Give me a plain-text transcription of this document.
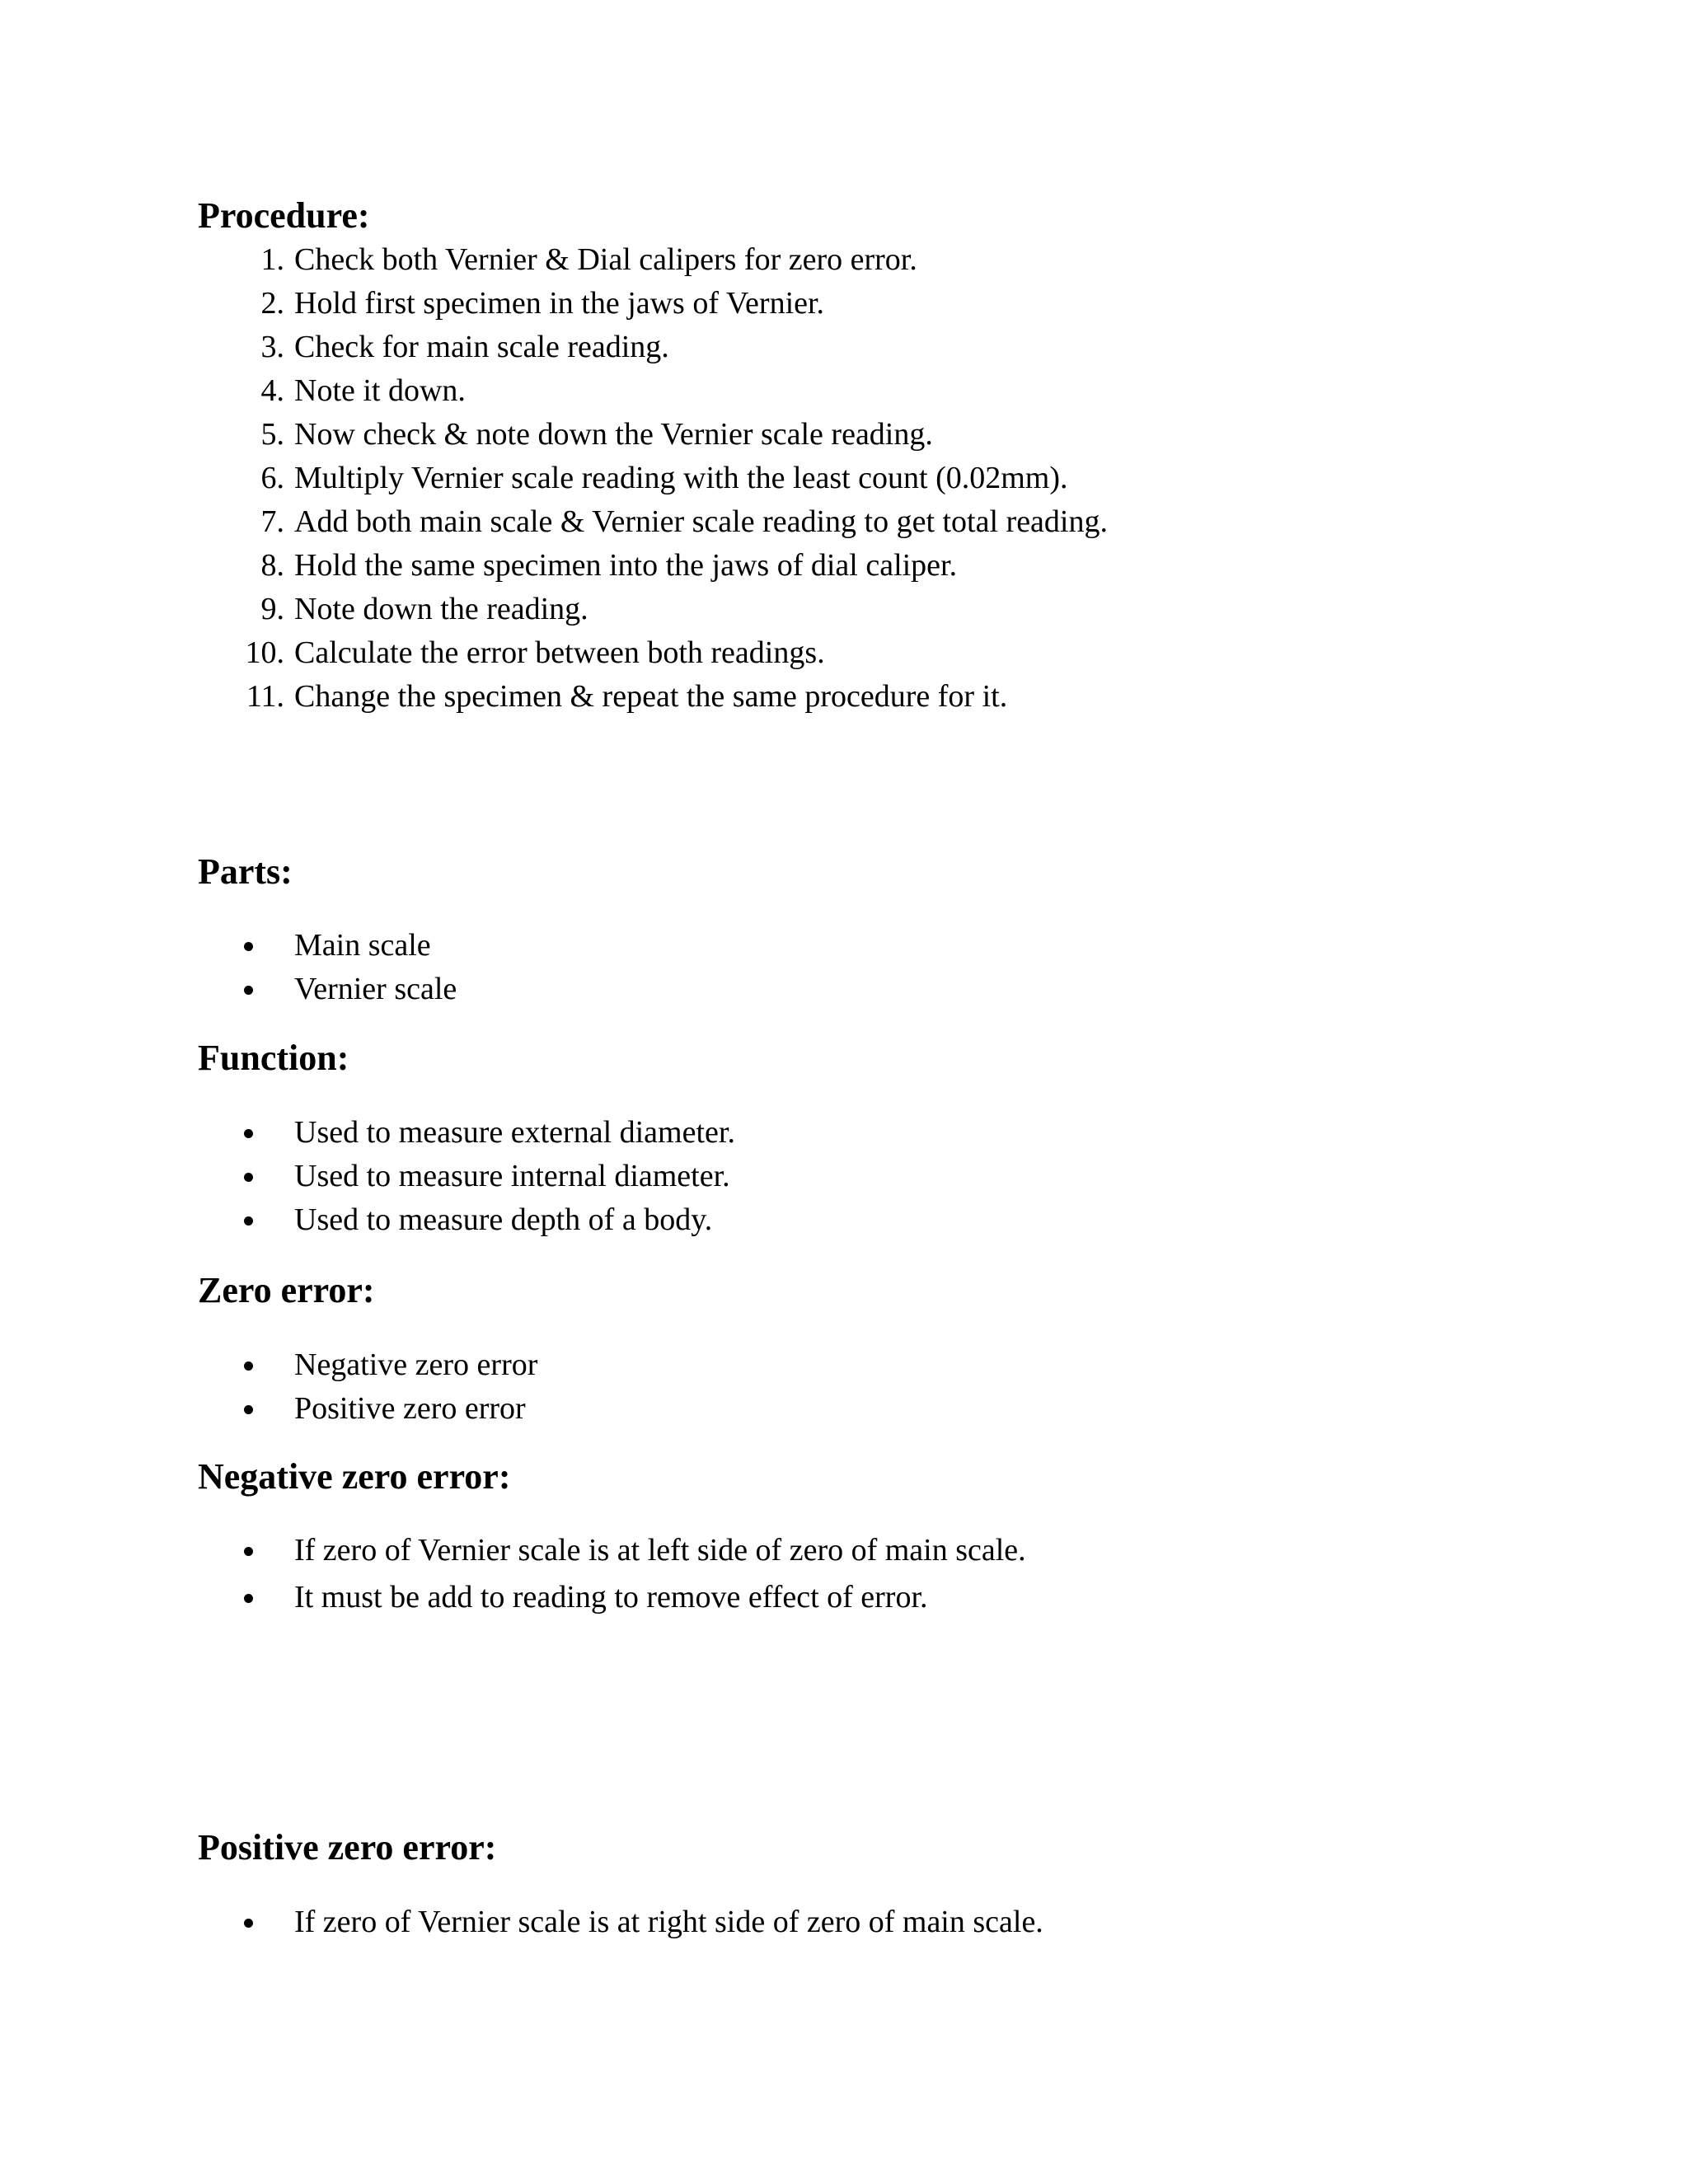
Procedure:
1. Check both Vernier & Dial calipers for zero error.
2. Hold first specimen in the jaws of Vernier.
3. Check for main scale reading.
4. Note it down.
5. Now check & note down the Vernier scale reading.
6. Multiply Vernier scale reading with the least count (0.02mm).
7. Add both main scale & Vernier scale reading to get total reading.
8. Hold the same specimen into the jaws of dial caliper.
9. Note down the reading.
10. Calculate the error between both readings.
11. Change the specimen & repeat the same procedure for it.
Parts:
Main scale
Vernier scale
Function:
Used to measure external diameter.
Used to measure internal diameter.
Used to measure depth of a body.
Zero error:
Negative zero error
Positive zero error
Negative zero error:
If zero of Vernier scale is at left side of zero of main scale.
It must be add to reading to remove effect of error.
Positive zero error:
If zero of Vernier scale is at right side of zero of main scale.
